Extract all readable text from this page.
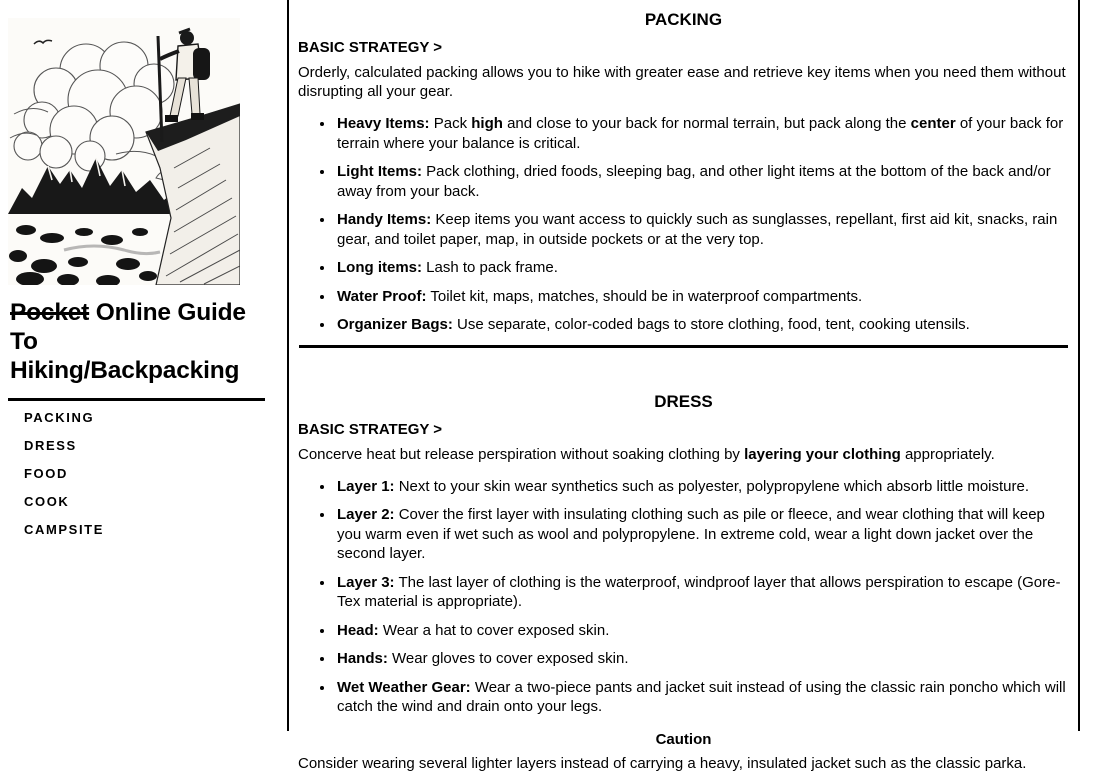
Pocket Online Guide
To
Hiking/Backpacking
PACKING
DRESS
FOOD
COOK
CAMPSITE
PACKING
BASIC STRATEGY >

Orderly, calculated packing allows you to hike with greater ease and retrieve key items when you need them without disrupting all your gear.

• Heavy Items: Pack high and close to your back for normal terrain, but pack along the center of your back for terrain where your balance is critical.
• Light Items: Pack clothing, dried foods, sleeping bag, and other light items at the bottom of the back and/or away from your back.
• Handy Items: Keep items you want access to quickly such as sunglasses, repellant, first aid kit, snacks, rain gear, and toilet paper, map, in outside pockets or at the very top.
• Long items: Lash to pack frame.
• Water Proof: Toilet kit, maps, matches, should be in waterproof compartments.
• Organizer Bags: Use separate, color-coded bags to store clothing, food, tent, cooking utensils.
DRESS
BASIC STRATEGY >

Concerve heat but release perspiration without soaking clothing by layering your clothing appropriately.

• Layer 1: Next to your skin wear synthetics such as polyester, polypropylene which absorb little moisture.
• Layer 2: Cover the first layer with insulating clothing such as pile or fleece, and wear clothing that will keep you warm even if wet such as wool and polypropylene. In extreme cold, wear a light down jacket over the second layer.
• Layer 3: The last layer of clothing is the waterproof, windproof layer that allows perspiration to escape (Gore-Tex material is appropriate).
• Head: Wear a hat to cover exposed skin.
• Hands: Wear gloves to cover exposed skin.
• Wet Weather Gear: Wear a two-piece pants and jacket suit instead of using the classic rain poncho which will catch the wind and drain onto your legs.
Caution

Consider wearing several lighter layers instead of carrying a heavy, insulated jacket such as the classic parka.
